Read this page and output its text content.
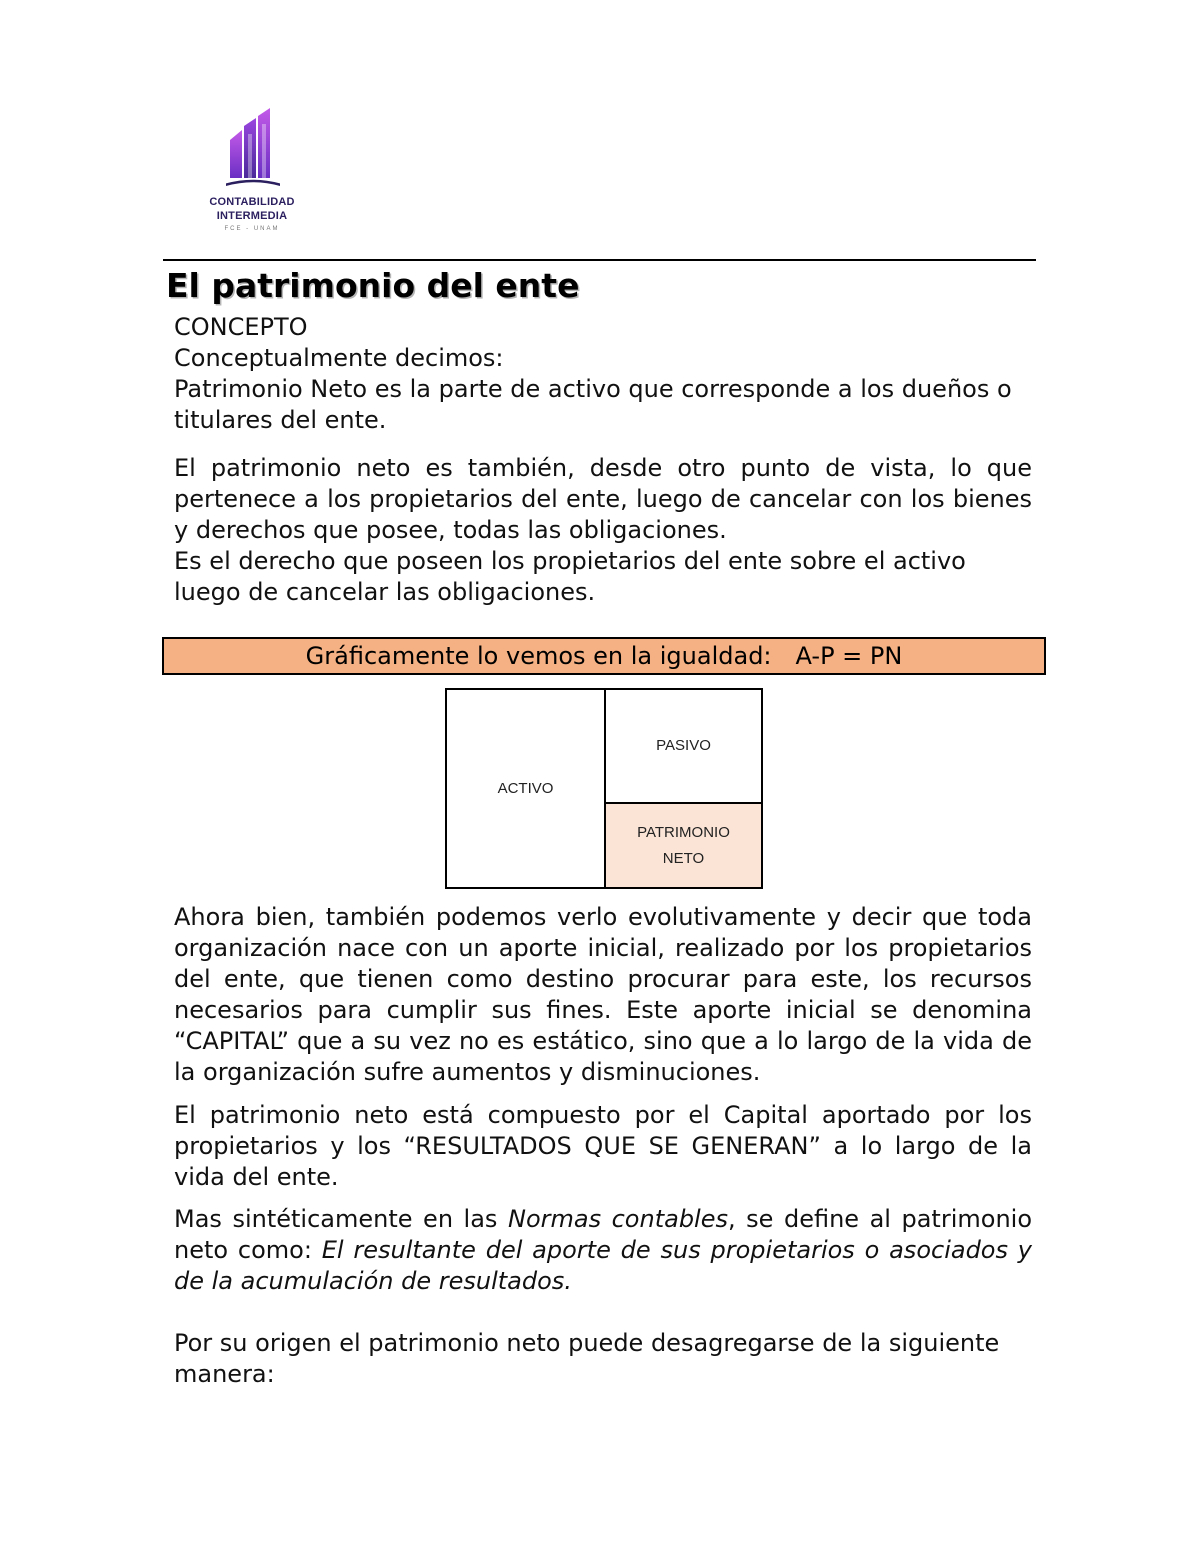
CONTABILIDAD
INTERMEDIA
FCE - UNAM
El patrimonio del ente
CONCEPTO
Conceptualmente decimos:
Patrimonio Neto es la parte de activo que corresponde a los dueños o titulares del ente.

El patrimonio neto es también, desde otro punto de vista, lo que pertenece a los propietarios del ente, luego de cancelar con los bienes y derechos que posee, todas las obligaciones.

Es el derecho que poseen los propietarios del ente sobre el activo luego de cancelar las obligaciones.

Gráficamente lo vemos en la igualdad: A-P = PN
ACTIVO
PASIVO
PATRIMONIO
NETO

Ahora bien, también podemos verlo evolutivamente y decir que toda organización nace con un aporte inicial, realizado por los propietarios del ente, que tienen como destino procurar para este, los recursos necesarios para cumplir sus fines. Este aporte inicial se denomina “CAPITAL” que a su vez no es estático, sino que a lo largo de la vida de la organización sufre aumentos y disminuciones.

El patrimonio neto está compuesto por el Capital aportado por los propietarios y los “RESULTADOS QUE SE GENERAN” a lo largo de la vida del ente.

Mas sintéticamente en las Normas contables, se define al patrimonio neto como: El resultante del aporte de sus propietarios o asociados y de la acumulación de resultados.

Por su origen el patrimonio neto puede desagregarse de la siguiente manera:
